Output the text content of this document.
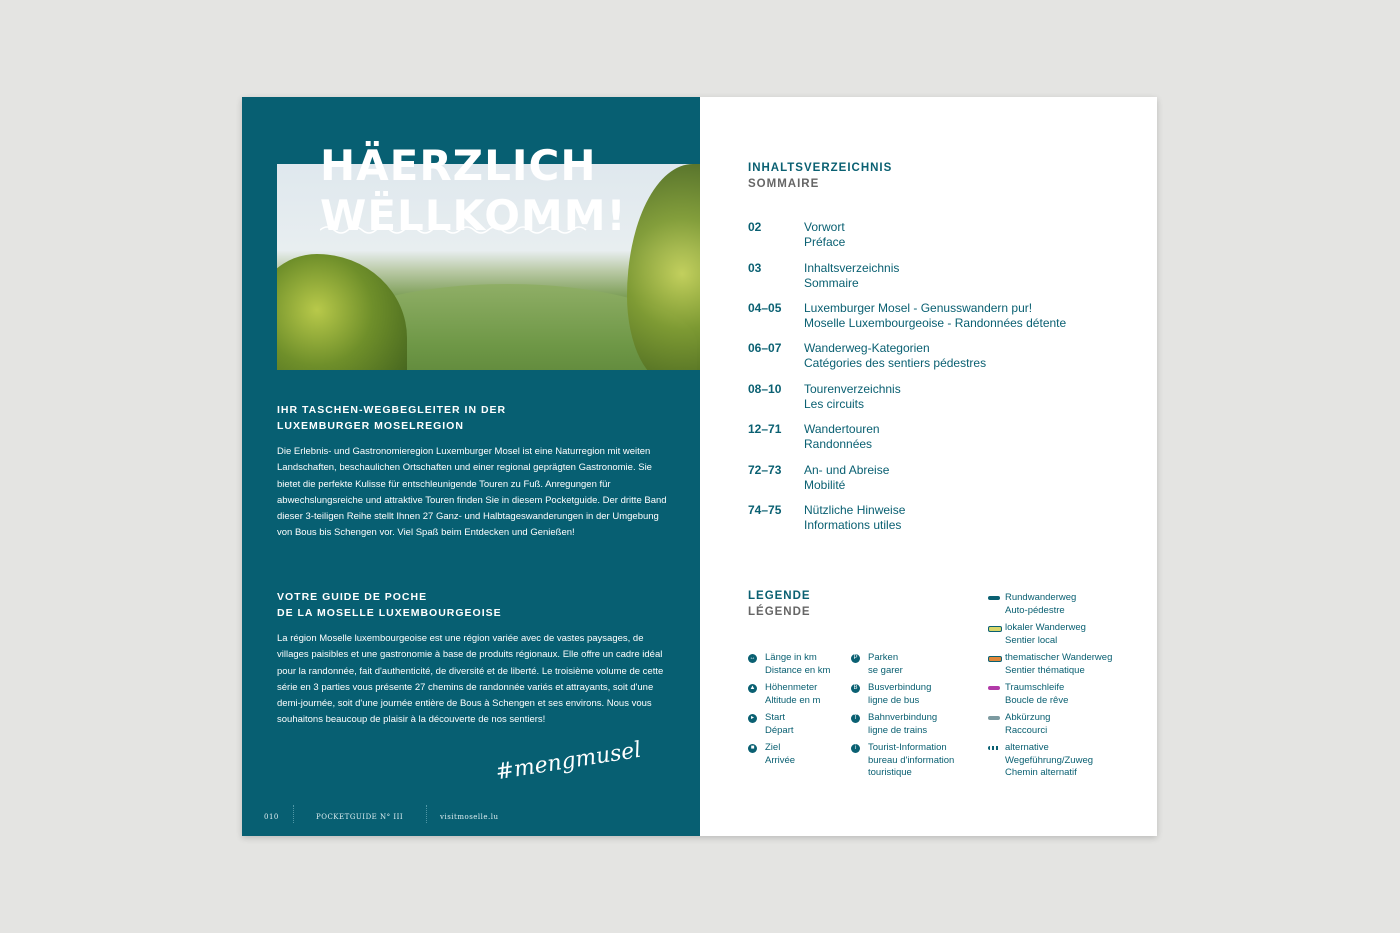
HÄERZLICH
WËLLKOMM!
IHR TASCHEN-WEGBEGLEITER IN DER
LUXEMBURGER MOSELREGION

Die Erlebnis- und Gastronomieregion Luxemburger Mosel ist eine Naturregion mit weiten Landschaften, beschaulichen Ortschaften und einer regional geprägten Gastronomie. Sie bietet die perfekte Kulisse für entschleunigende Touren zu Fuß. Anregungen für abwechslungsreiche und attraktive Touren finden Sie in diesem Pocketguide. Der dritte Band dieser 3-teiligen Reihe stellt Ihnen 27 Ganz- und Halbtageswanderungen in der Umgebung von Bous bis Schengen vor. Viel Spaß beim Entdecken und Genießen!

VOTRE GUIDE DE POCHE
DE LA MOSELLE LUXEMBOURGEOISE

La région Moselle luxembourgeoise est une région variée avec de vastes paysages, de villages paisibles et une gastronomie à base de produits régionaux. Elle offre un cadre idéal pour la randonnée, fait d'authenticité, de diversité et de liberté. Le troisième volume de cette série en 3 parties vous présente 27 chemins de randonnée variés et attrayants, soit d'une demi-journée, soit d'une journée entière de Bous à Schengen et ses environs. Nous vous souhaitons beaucoup de plaisir à la découverte de nos sentiers!

#mengmusel
010	POCKETGUIDE N° III	visitmoselle.lu
INHALTSVERZEICHNIS
SOMMAIRE
02	Vorwort
Préface
03	Inhaltsverzeichnis
Sommaire
04–05 Luxemburger Mosel - Genusswandern pur!
Moselle Luxembourgeoise - Randonnées détente
06–07 Wanderweg-Kategorien
Catégories des sentiers pédestres
08–10 Tourenverzeichnis
Les circuits
12–71 Wandertouren
Randonnées
72–73 An- und Abreise
Mobilité
74–75 Nützliche Hinweise
Informations utiles
LEGENDE
LÉGENDE
↔ Länge in km
Distance en km
▲ Höhenmeter
Altitude en m
▸	Start
Départ
■ Ziel
Arrivée
P Parken
se garer
B Busverbindung
ligne de bus
T Bahnverbindung
ligne de trains
i	Tourist-Information
bureau d'information
touristique
Rundwanderweg
Auto-pédestre
lokaler Wanderweg
Sentier local
thematischer Wanderweg
Sentier thématique
Traumschleife
Boucle de rêve
Abkürzung
Raccourci
alternative
Wegeführung/Zuweg
Chemin alternatif
